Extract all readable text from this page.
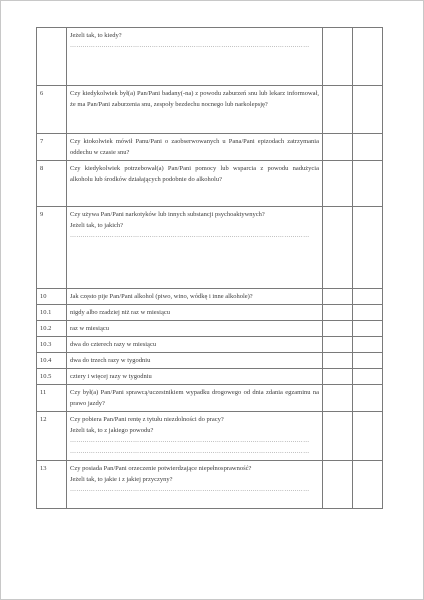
	Jeżeli tak, to kiedy?
……………………………………………………………………………………………………		

6	Czy kiedykolwiek był(a) Pan/Pani badany(-na) z powodu zaburzeń snu lub lekarz informował, że ma Pan/Pani zaburzenia snu, zespoły bezdechu nocnego lub narkolepsję?		

7	Czy ktokolwiek mówił Panu/Pani o zaobserwowanych u Pana/Pani epizodach zatrzymania oddechu w czasie snu?		

8	Czy kiedykolwiek potrzebował(a) Pan/Pani pomocy lub wsparcia z powodu nadużycia alkoholu lub środków działających podobnie do alkoholu?		

9	Czy używa Pan/Pani narkotyków lub innych substancji psychoaktywnych?
Jeżeli tak, to jakich?
……………………………………………………………………………………………………		

10	Jak często pije Pan/Pani alkohol (piwo, wino, wódkę i inne alkohole)?		

10.1	nigdy albo rzadziej niż raz w miesiącu		

10.2	raz w miesiącu		

10.3	dwa do czterech razy w miesiącu		

10.4	dwa do trzech razy w tygodniu		

10.5	cztery i więcej razy w tygodniu		

11	Czy był(a) Pan/Pani sprawcą/uczestnikiem wypadku drogowego od dnia zdania egzaminu na prawo jazdy?		

12	Czy pobiera Pan/Pani rentę z tytułu niezdolności do pracy?
Jeżeli tak, to z jakiego powodu?
……………………………………………………………………………………………………
……………………………………………………………………………………………………		

13	Czy posiada Pan/Pani orzeczenie potwierdzające niepełnosprawność?
Jeżeli tak, to jakie i z jakiej przyczyny?
……………………………………………………………………………………………………		
